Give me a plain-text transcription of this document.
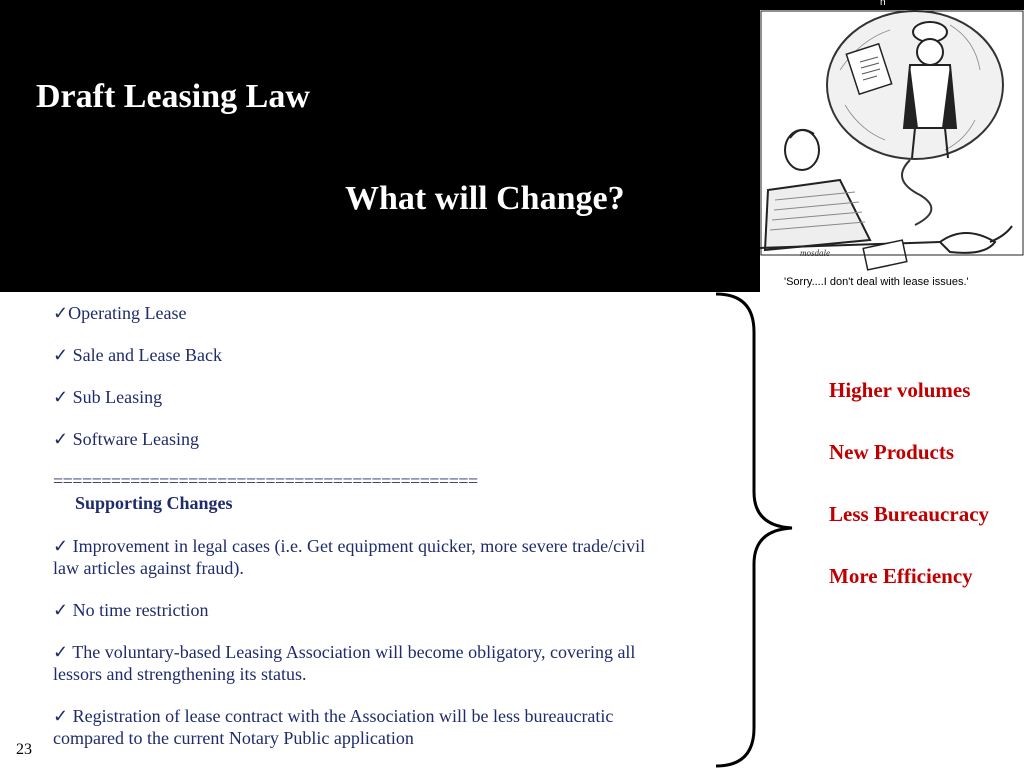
Draft Leasing Law
What will Change?
n
mosdale
'Sorry....I don't deal with lease issues.'

✓Operating Lease

✓ Sale and Lease Back

✓ Sub Leasing

✓ Software Leasing

============================================

Supporting Changes

✓ Improvement in legal cases (i.e. Get equipment quicker, more severe trade/civil law articles against fraud).

✓ No time restriction

✓ The voluntary-based Leasing Association will become obligatory, covering all lessors and strengthening its status.

✓ Registration of lease contract with the Association will be less bureaucratic compared to the current Notary Public application

Higher volumes
New Products
Less Bureaucracy
More Efficiency
23
